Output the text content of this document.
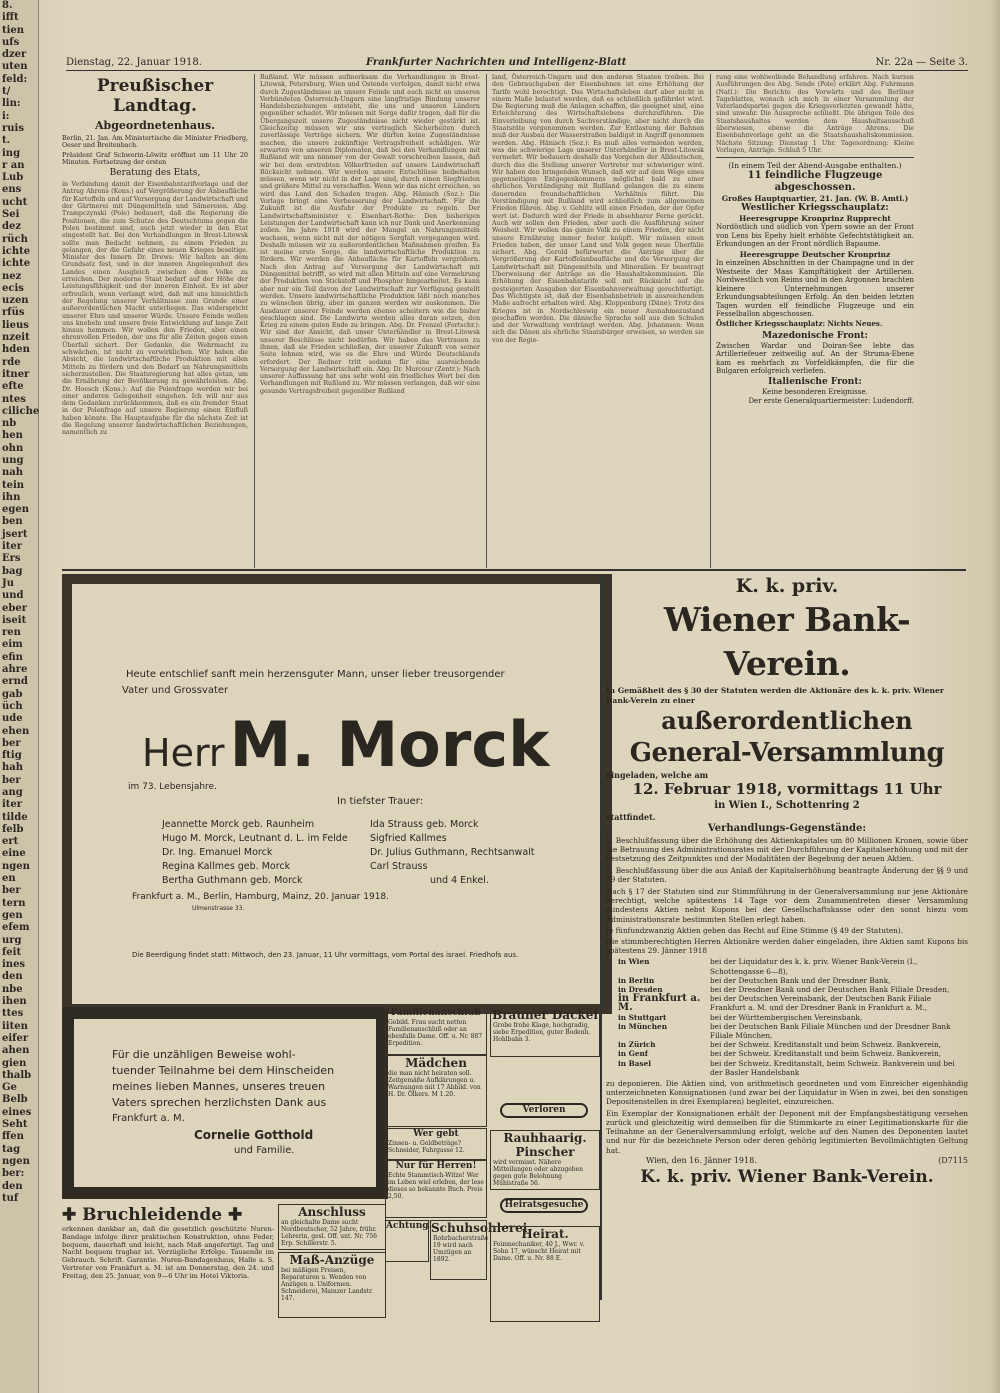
8.
ifft
tien
ufs
dzer
uten
feld:
t/
lin:
i:
ruis
t.
ing
r an
Lub
ens
ucht
Sei
dez
rüch
ichte
ichte
nez
ecis
uzen
rfüs
lieus
nzeit
hden
rde
itner
efte
ntes
ciliche
nb
hen
ohn
ung
nah
tein
ihn
egen
ben
jsert
iter
Ers
bag
Ju
und
eber
iseit
ren
eim
efin
ahre
ernd
gab
üch
ude
ehen
ber
ftig
hah
ber
ang
iter
tilde
felb
ert
eine
ngen
en
ber
tern
gen
efem
urg
feit
ines
den
nbe
ihen
ttes
iiten
eifer
ahen
gien
thalb
Ge
Belb
eines
Seht
ffen
tag
ngen
ber:
den
tuf
Dienstag, 22. Januar 1918.	Frankfurter Nachrichten und Intelligenz-Blatt	Nr. 22a — Seite 3.
Preußischer Landtag.
Abgeordnetenhaus.
Berlin, 21. Jan. Am Ministertische die Minister Friedberg, Oeser und Breitenbach.
Präsident Graf Schwerin-Löwitz eröffnet um 11 Uhr 20 Minuten. Fortsetzung der ersten
Beratung des Etats,
in Verbindung damit der Eisenbahntarifvorlage und der Antrag Ahrens (Kons.) auf Vergrößerung der Anbaufläche für Kartoffeln und auf Versorgung der Landwirtschaft und der Gärtnerei mit Düngemitteln und Sämereien. Abg. Trampczynski (Pole) bedauert, daß die Regierung die Positionen, die zum Schutze des Deutschtums gegen die Polen bestimmt sind, auch jetzt wieder in den Etat eingestellt hat. Bei den Verhandlungen in Brest-Litowsk sollte man Bedacht nehmen, zu einem Frieden zu gelangen, der die Gefahr eines neuen Krieges beseitige. Minister des Innern Dr. Drews: Wir halten an dem Grundsatz fest, und in der inneren Angelegenheit des Landes einen Ausgleich zwischen dem Volke zu erreichen. Der moderne Staat bedarf auf der Höhe der Leistungsfähigkeit und der inneren Einheit. Es ist aber erfreulich, wenn verlangt wird, daß mit uns hinsichtlich der Regelung unserer Verhältnisse zum Grunde einer außerordentlichen Macht unterliegen. Das widerspricht unserer Ehre und unserer Würde. Unsere Feinde wollen uns knebeln und unsere freie Entwicklung auf lange Zeit hinaus hemmen. Wir wollen den Frieden, aber einen ehrenvollen Frieden, der uns für alle Zeiten gegen einen Überfall sichert. Der Gedanke, die Wehrmacht zu schwächen, ist nicht zu verwirklichen. Wir haben die Absicht, die landwirtschaftliche Produktion mit allen Mitteln zu fördern und den Bedarf an Nahrungsmitteln sicherzustellen. Die Staatsregierung hat alles getan, um die Ernährung der Bevölkerung zu gewährleisten. Abg. Dr. Hoesch (Kons.): Auf die Polenfrage werden wir bei einer anderen Gelegenheit eingehen. Ich will nur aus dem Gedanken zurückkommen, daß es ein fremder Staat in der Polenfrage auf unsere Regierung einen Einfluß haben könnte. Die Hauptaufgabe für die nächste Zeit ist die Regelung unserer landwirtschaftlichen Beziehungen, namentlich zu
Rußland. Wir müssen aufmerksam die Verhandlungen in Brest-Litowsk, Petersburg, Wien und Ostende verfolgen, damit nicht etwa durch Zugeständnisse an unsere Feinde und auch nicht an unseren Verbündeten Österreich-Ungarn eine langfristige Bindung unserer Handelsbeziehungen entsteht, die uns und unseren Ländern gegenüber schadet. Wir müssen mit Sorge dafür tragen, daß für die Übergangszeit unsere Zugeständnisse nicht wieder gestärkt ist. Gleichzeitig müssen wir uns vertraglich Sicherheiten durch zuverlässige Verträge sichern. Wir dürfen keine Zugeständnisse machen, die unsere zukünftige Vertragsfreiheit schädigen. Wir erwarten von unseren Diplomaten, daß bei den Verhandlungen mit Rußland wir uns nimmer von der Gewalt vorschreiben lassen, daß wir bei dem erstrebten Völkerfrieden auf unsere Landwirtschaft Rücksicht nehmen. Wir werden unsere Entschlüsse beibehalten müssen, wenn wir nicht in der Lage sind, durch einen Siegfrieden und größere Mittel zu verschaffen. Wenn wir das nicht erreichen, so wird das Land den Schaden tragen. Abg. Hänisch (Soz.): Die Vorlage bringt eine Verbesserung der Landwirtschaft. Für die Zukunft ist die Ausfuhr der Produkte zu regeln. Der Landwirtschaftsminister v. Eisenhart-Rothe: Den bisherigen Leistungen der Landwirtschaft kann ich nur Dank und Anerkennung zollen. Im Jahre 1918 wird der Mangel an Nahrungsmitteln wachsen, wenn nicht mit der nötigen Sorgfalt vorgegangen wird. Deshalb müssen wir zu außerordentlichen Maßnahmen greifen. Es ist meine erste Sorge, die landwirtschaftliche Produktion zu fördern. Wir werden die Anbaufläche für Kartoffeln vergrößern. Nach den Antrag auf Versorgung der Landwirtschaft mit Düngemittel betrifft, so wird mit allen Mitteln auf eine Vermehrung der Produktion von Stickstoff und Phosphor hingearbeitet. Es kann aber nur ein Teil davon der Landwirtschaft zur Verfügung gestellt werden. Unsere landwirtschaftliche Produktion läßt noch manches zu wünschen übrig, aber im ganzen werden wir auskommen. Die Ausdauer unserer Feinde werden ebenso scheitern wie die bisher geschlagen sind. Die Landwirte werden alles daran setzen, den Krieg zu einem guten Ende zu bringen. Abg. Dr. Frenzel (Fortschr.): Wir sind der Ansicht, daß unser Unterhändler in Brest-Litowsk unserer Beschlüsse nicht bedürfen. Wir haben das Vertrauen zu ihnen, daß sie Frieden schließen, der unserer Zukunft von seiner Seite lohnen wird, wie es die Ehre und Würde Deutschlands erfordert. Der Redner tritt sodann für eine ausreichende Versorgung der Landwirtschaft ein. Abg. Dr. Marcour (Zentr.): Nach unserer Auffassung hat uns sehr wohl ein friedliches Wort bei den Verhandlungen mit Rußland zu. Wir müssen verlangen, daß wir eine gesunde Vertragsfreiheit gegenüber Rußland
land, Österreich-Ungarn und den anderen Staaten treiben. Bei den Gebrauchgaben der Eisenbahnen ist eine Erhöhung der Tarife wohl berechtigt. Das Wirtschaftsleben darf aber nicht in einem Maße belastet werden, daß es schließlich gefährdet wird. Die Regierung muß die Anlagen schaffen, die geeignet sind, eine Erleichterung des Wirtschaftslebens durchzuführen. Die Einverleibung von durch Sachverständige, aber nicht durch die Staatsräte vorgenommen werden. Zur Entlastung der Bahnen muß der Ausbau der Wasserstraßen baldigst in Angriff genommen werden. Abg. Hänisch (Soz.): Es muß alles vermieden werden, was die schwierige Lage unserer Unterhändler in Brest-Litowsk vermehrt. Wir bedauern deshalb das Vorgehen der Alldeutschen, durch das die Stellung unserer Vertreter nur schwieriger wird. Wir haben den bringenden Wunsch, daß wir auf dem Wege eines gegenseitigen Entgegenkommens möglichst bald zu einer ehrlichen Verständigung mit Rußland gelangen die zu einem dauernden freundschaftlichen Verhältnis führt. Die Verständigung mit Rußland wird schließlich zum allgemeinen Frieden führen. Abg. v. Gehlitz will einen Frieden, der der Opfer wert ist. Dadurch wird der Friede in absehbarer Ferne gerückt. Auch wir sollen den Frieden, aber auch die Ausführung seiner Weisheit. Wir wollen das ganze Volk zu einem Frieden, der nicht unsere Ernährung immer fester knüpft. Wir müssen einen Frieden haben, der unser Land und Volk gegen neue Überfälle sichert. Abg. Gerold befürwortet die Anträge über die Vergrößerung der Kartoffelanbaufläche und die Versorgung der Landwirtschaft mit Düngemitteln und Mineralien. Er beantragt Überweisung der Anträge an die Haushaltskommission. Die Erhöhung der Eisenbahntarife soll mit Rücksicht auf die gesteigerten Ausgaben der Eisenbahnverwaltung gerechtfertigt. Das Wichtigste ist, daß der Eisenbahnbetrieb in ausreichendem Maße aufrecht erhalten wird. Abg. Kloppenburg (Däne): Trotz des Krieges ist in Nordschleswig ein neuer Ausnahmezustand geschaffen worden. Die dänische Sprache soll aus den Schulen und der Verwaltung verdrängt werden. Abg. Johannsen: Wenn sich die Dänen als ehrliche Staatsbürger erweisen, so werden sie von der Regie-
rung eine wohlwollende Behandlung erfahren. Nach kurzen Ausführungen des Abg. Sende (Pole) erklärt Abg. Fuhrmann (Natl.): Die Berichte des Vorwärts und des Berliner Tageblattes, wonach ich mich in einer Versammlung der Vaterlandspartei gegen die Kriegsverletzten gewandt hätte, sind unwahr. Die Ausspreche schließt. Die übrigen Teile des Staatshaushaltes werden dem Haushaltsausschuß überwiesen, ebenso die Anträge Ahrens. Die Eisenbahnvorlage geht an die Staatshaushaltskommission. Nächste Sitzung: Dienstag 1 Uhr. Tagesordnung: Kleine Vorlagen, Anträge. Schluß 5 Uhr.
(In einem Teil der Abend-Ausgabe enthalten.)
11 feindliche Flugzeuge abgeschossen.
Großes Hauptquartier, 21. Jan. (W. B. Amtl.)
Westlicher Kriegsschauplatz:
Heeresgruppe Kronprinz Rupprecht
Nordöstlich und südlich von Ypern sowie an der Front von Lens bis Epehy hielt erhöhte Gefechtstätigkeit an. Erkundungen an der Front nördlich Bapaume.
Heeresgruppe Deutscher Kronprinz
In einzelnen Abschnitten in der Champagne und in der Westseite der Maas Kampftätigkeit der Artillerien. Nordwestlich von Reims und in den Argonnen brachten kleinere Unternehmungen unserer Erkundungsabteilungen Erfolg. An den beiden letzten Tagen wurden elf feindliche Flugzeuge und ein Fesselballon abgeschossen.
Östlicher Kriegsschauplatz: Nichts Neues.
Mazedonische Front:
Zwischen Wardar und Doiran-See lebte das Artilleriefeuer zeitweilig auf. An der Struma-Ebene kam es mehrfach zu Vorfeldkämpfen, die für die Bulgaren erfolgreich verliefen.
Italienische Front:
Keine besonderen Ereignisse.
Der erste Generalquartiermeister: Ludendorff.
Heute entschlief sanft mein herzensguter Mann, unser lieber treusorgender
Vater und Grossvater
Herr M. Morck
im 73. Lebensjahre.
In tiefster Trauer:
Jeannette Morck geb. Raunheim
Hugo M. Morck, Leutnant d. L. im Felde
Dr. Ing. Emanuel Morck
Regina Kallmes geb. Morck
Bertha Guthmann geb. Morck
Ida Strauss geb. Morck
Sigfried Kallmes
Dr. Julius Guthmann, Rechtsanwalt
Carl Strauss
und 4 Enkel.
Frankfurt a. M., Berlin, Hamburg, Mainz, 20. Januar 1918.
Ulmenstrasse 33.
Die Beerdigung findet statt: Mittwoch, den 23. Januar, 11 Uhr vormittags, vom Portal des israel. Friedhofs aus.
Für die unzähligen Beweise wohl-
tuender Teilnahme bei dem Hinscheiden
meines lieben Mannes, unseres treuen
Vaters sprechen herzlichsten Dank aus
Frankfurt a. M.
Cornelie Gotthold
und Familie.
✚ Bruchleidende ✚
erkennen dankbar an, daß die gesetzlich geschützte Nuren-Bandage infolge ihrer praktischen Konstruktion, ohne Feder, bequem, dauerhaft und leicht, nach Maß angefertigt. Tag und Nacht bequem tragbar ist. Vorzügliche Erfolge. Tausende im Gebrauch. Schrift. Garantie. Nuren-Bandagenhaus, Halle a. S. Vertreter von Frankfurt a. M. ist am Donnerstag, den 24. und Freitag, den 25. Januar, von 9—6 Uhr im Hotel Viktoria.
Anschluss
an gleichalte Dame sucht Nordbeutscher, 52 Jahre, frühr. Lehrerin, gesl. Off. unt. Nr. 756 Erp. Schillerstr. 5.
Maß-Anzüge
bei mäßigen Preisen, Reparaturen u. Wenden von Anzügen u. Uniformen. Schneiderei, Mainzer Landstr. 147.
Familienanschluß
Gebild. Frau sucht netten Familienanschluß oder an ebenfalls Dame. Off. u. Nr. 887 Erpedition.
Mädchen
die man nicht heiraten soll. Zeitgemäße Aufklärungen u. Warnungen mit 17 Abbild. von H. Dr. Ölkers. M 1.20.
Wer gebt
Zinsen- u. Geldbeträge? Schneider, Fahrgasse 12.
Nur für Herren!
Echte Stammtisch-Witze! Wer im Leben wiel erleben, der lese dieses so bekannte Buch. Preis 2,50.
Achtung!
Schuhsohlerei
Rohrbacherstraße 19 wird nach Umzügen an 1892.
Brauner Dackel
Grobe frohe Klage, hochgradig, siebe Erpedition, guter Bodenh. Hohlbahn 3.
Verloren
Rauhhaarig. Pinscher
wird vermisst. Nähere Mitteilungen oder abzugeben gegen gute Belohnung Mühlstraße 56.
Heiratsgesuche
Heirat.
Feinmechaniker, 40 J., Wwr. v. Sohn 17, wünscht Heirat mit Dame. Off. u. Nr. 88 E.
K. k. priv.
Wiener Bank-Verein.
In Gemäßheit des § 30 der Statuten werden die Aktionäre des k. k. priv. Wiener Bank-Verein zu einer
außerordentlichen
General-Versammlung
eingeladen, welche am
12. Februar 1918, vormittags 11 Uhr
in Wien I., Schottenring 2
stattfindet.
Verhandlungs-Gegenstände:
1. Beschlußfassung über die Erhöhung des Aktienkapitales um 80 Millionen Kronen, sowie über die Betrauung des Administrationsrates mit der Durchführung der Kapitalserhöhung und mit der Festsetzung des Zeitpunktes und der Modalitäten der Begebung der neuen Aktien.
2. Beschlußfassung über die aus Anlaß der Kapitalserhöhung beantragte Änderung der §§ 9 und 59 der Statuten.
Nach § 17 der Statuten sind zur Stimmführung in der Generalversammlung nur jene Aktionäre berechtigt, welche spätestens 14 Tage vor dem Zusammentreten dieser Versammlung mindestens Aktien nebst Kupons bei der Gesellschaftskasse oder den sonst hiezu vom Administrationsrate bestimmten Stellen erlegt haben.
Je fünfundzwanzig Aktien geben das Recht auf Eine Stimme (§ 49 der Statuten).
Die stimmberechtigten Herren Aktionäre werden daher eingeladen, ihre Aktien samt Kupons bis spätestens 29. Jänner 1918
in Wien	bei der Liquidatur des k. k. priv. Wiener Bank-Verein (I., Schottengasse 6—8),
in Berlin	bei der Deutschen Bank und der Dresdner Bank,
in Dresden	bei der Dresdner Bank und der Deutschen Bank Filiale Dresden,
in Frankfurt a. M.
bei der Deutschen Vereinsbank, der Deutschen Bank Filiale Frankfurt a. M. und der Dresdner Bank in Frankfurt a. M.,
in Stuttgart	bei der Württembergischen Vereinsbank,
in München	bei der Deutschen Bank Filiale München und der Dresdner Bank Filiale München,
in Zürich	bei der Schweiz. Kreditanstalt und beim Schweiz. Bankverein,
in Genf	bei der Schweiz. Kreditanstalt und beim Schweiz. Bankverein,
in Basel	bei der Schweiz. Kreditanstalt, beim Schweiz. Bankverein und bei der Basler Handelsbank
zu deponieren. Die Aktien sind, von arithmetisch geordneten und vom Einreicher eigenhändig unterzeichneten Konsignationen (und zwar bei der Liquidatur in Wien in zwei, bei den sonstigen Depositenstellen in drei Exemplaren) begleitet, einzureichen.
Ein Exemplar der Konsignationen erhält der Deponent mit der Empfangsbestätigung versehen zurück und gleichzeitig wird demselben für die Stimmkarte zu einer Legitimationskarte für die Teilnahme an der Generalversammlung erfolgt, welche auf den Namen des Deponenten lautet und nur für die bezeichnete Person oder deren gehörig legitimierten Bevollmächtigten Geltung hat.
Wien, den 16. Jänner 1918.	(D7115
K. k. priv. Wiener Bank-Verein.
